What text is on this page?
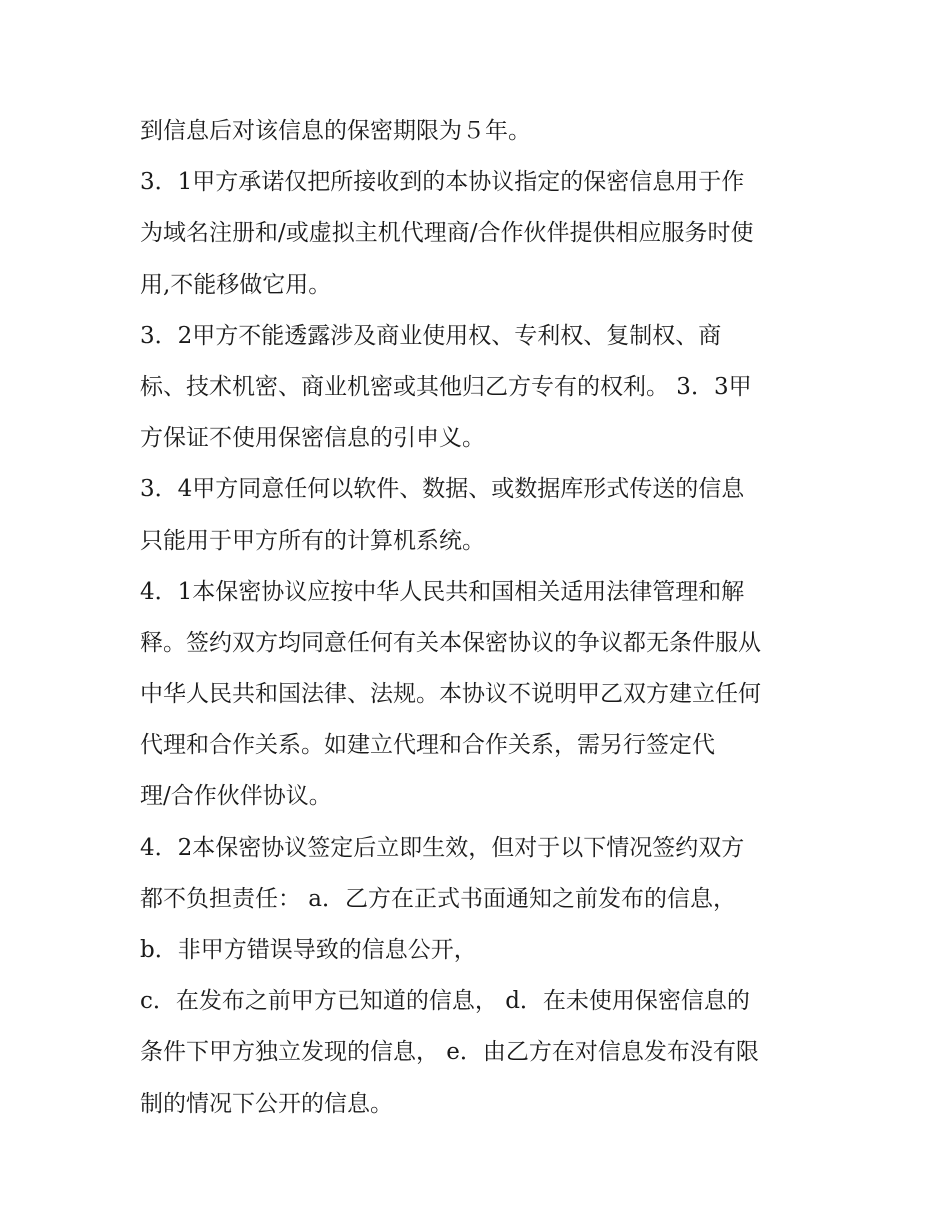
到信息后对该信息的保密期限为５年。
3．1甲方承诺仅把所接收到的本协议指定的保密信息用于作
为域名注册和/或虚拟主机代理商/合作伙伴提供相应服务时使
用,不能移做它用。
3．2甲方不能透露涉及商业使用权、专利权、复制权、商
标、技术机密、商业机密或其他归乙方专有的权利。 3．3甲
方保证不使用保密信息的引申义。
3．4甲方同意任何以软件、数据、或数据库形式传送的信息
只能用于甲方所有的计算机系统。
4．1本保密协议应按中华人民共和国相关适用法律管理和解
释。签约双方均同意任何有关本保密协议的争议都无条件服从
中华人民共和国法律、法规。本协议不说明甲乙双方建立任何
代理和合作关系。如建立代理和合作关系，需另行签定代
理/合作伙伴协议。
4．2本保密协议签定后立即生效，但对于以下情况签约双方
都不负担责任： a．乙方在正式书面通知之前发布的信息，
b．非甲方错误导致的信息公开，
c．在发布之前甲方已知道的信息， d．在未使用保密信息的
条件下甲方独立发现的信息， e．由乙方在对信息发布没有限
制的情况下公开的信息。
